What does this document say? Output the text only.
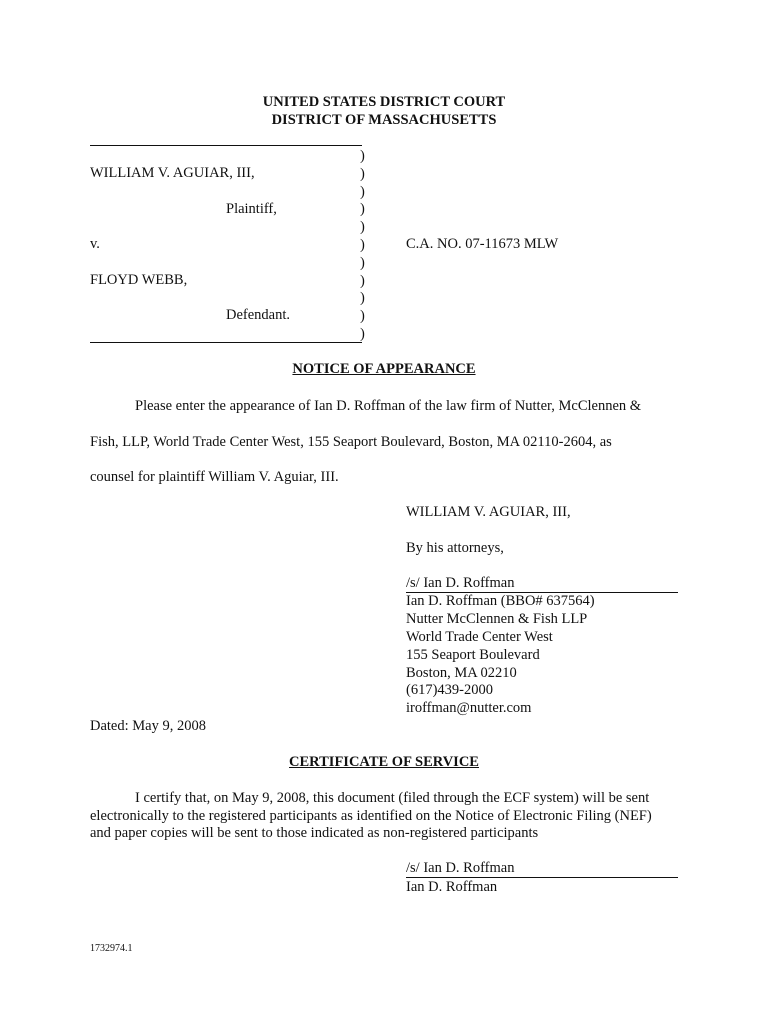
UNITED STATES DISTRICT COURT
DISTRICT OF MASSACHUSETTS
)
)
)
)
)
)
)
)
)
)
)
WILLIAM V. AGUIAR, III,
Plaintiff,
v.	C.A. NO. 07-11673 MLW
FLOYD WEBB,
Defendant.
NOTICE OF APPEARANCE
Please enter the appearance of Ian D. Roffman of the law firm of Nutter, McClennen &
Fish, LLP, World Trade Center West, 155 Seaport Boulevard, Boston, MA 02110-2604, as
counsel for plaintiff William V. Aguiar, III.
WILLIAM V. AGUIAR, III,
By his attorneys,
/s/ Ian D. Roffman
Ian D. Roffman (BBO# 637564)
Nutter McClennen & Fish LLP
World Trade Center West
155 Seaport Boulevard
Boston, MA 02210
(617)439-2000
iroffman@nutter.com
Dated: May 9, 2008
CERTIFICATE OF SERVICE
I certify that, on May 9, 2008, this document (filed through the ECF system) will be sent
electronically to the registered participants as identified on the Notice of Electronic Filing (NEF)
and paper copies will be sent to those indicated as non-registered participants
/s/ Ian D. Roffman
Ian D. Roffman
1732974.1
